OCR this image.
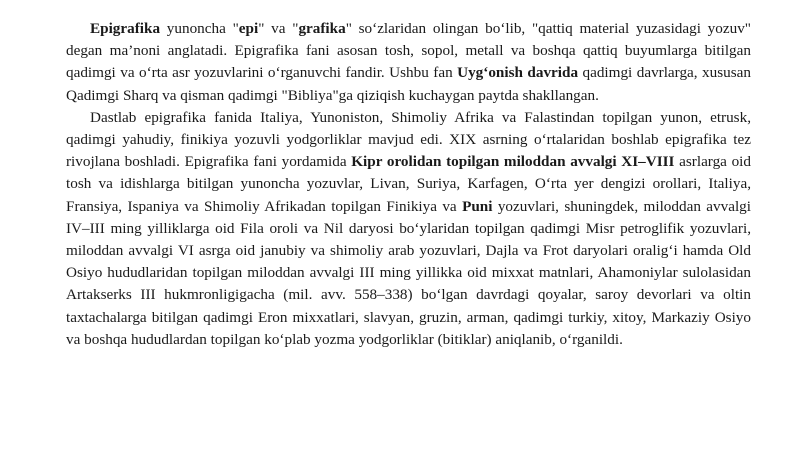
Epigrafika yunoncha "epi" va "grafika" soʻzlaridan olingan boʻlib, "qattiq material yuzasidagi yozuv" degan ma’noni anglatadi. Epigrafika fani asosan tosh, sopol, metall va boshqa qattiq buyumlarga bitilgan qadimgi va oʻrta asr yozuvlarini oʻrganuvchi fandir. Ushbu fan Uygʻonish davrida qadimgi davrlarga, xususan Qadimgi Sharq va qisman qadimgi "Bibliya"ga qiziqish kuchaygan paytda shakllangan.

Dastlab epigrafika fanida Italiya, Yunoniston, Shimoliy Afrika va Falastindan topilgan yunon, etrusk, qadimgi yahudiy, finikiya yozuvli yodgorliklar mavjud edi. XIX asrning oʻrtalaridan boshlab epigrafika tez rivojlana boshladi. Epigrafika fani yordamida Kipr orolidan topilgan miloddan avvalgi XI–VIII asrlarga oid tosh va idishlarga bitilgan yunoncha yozuvlar, Livan, Suriya, Karfagen, Oʻrta yer dengizi orollari, Italiya, Fransiya, Ispaniya va Shimoliy Afrikadan topilgan Finikiya va Puni yozuvlari, shuningdek, miloddan avvalgi IV–III ming yilliklarga oid Fila oroli va Nil daryosi boʻylaridan topilgan qadimgi Misr petroglifik yozuvlari, miloddan avvalgi VI asrga oid janubiy va shimoliy arab yozuvlari, Dajla va Frot daryolari oraligʻi hamda Old Osiyo hududlaridan topilgan miloddan avvalgi III ming yillikka oid mixxat matnlari, Ahamoniylar sulolasidan Artakserks III hukmronligigacha (mil. avv. 558–338) boʻlgan davrdagi qoyalar, saroy devorlari va oltin taxtachalarga bitilgan qadimgi Eron mixxatlari, slavyan, gruzin, arman, qadimgi turkiy, xitoy, Markaziy Osiyo va boshqa hududlardan topilgan koʻplab yozma yodgorliklar (bitiklar) aniqlanib, oʻrganildi.
